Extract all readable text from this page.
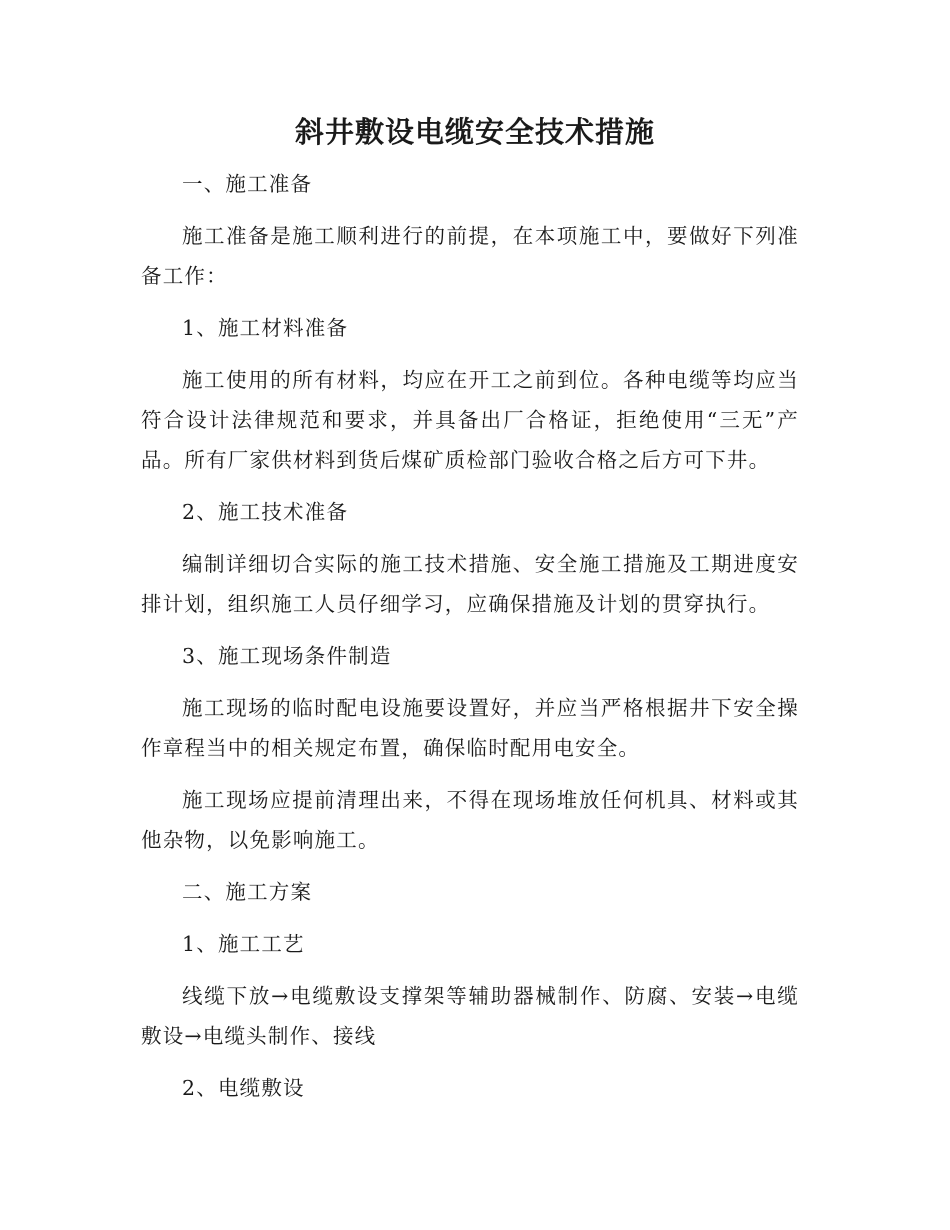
斜井敷设电缆安全技术措施

一、施工准备

施工准备是施工顺利进行的前提，在本项施工中，要做好下列准备工作：

1、施工材料准备

施工使用的所有材料，均应在开工之前到位。各种电缆等均应当符合设计法律规范和要求，并具备出厂合格证，拒绝使用“三无”产品。所有厂家供材料到货后煤矿质检部门验收合格之后方可下井。

2、施工技术准备

编制详细切合实际的施工技术措施、安全施工措施及工期进度安排计划，组织施工人员仔细学习，应确保措施及计划的贯穿执行。

3、施工现场条件制造

施工现场的临时配电设施要设置好，并应当严格根据井下安全操作章程当中的相关规定布置，确保临时配用电安全。

施工现场应提前清理出来，不得在现场堆放任何机具、材料或其他杂物，以免影响施工。

二、施工方案

1、施工工艺

线缆下放→电缆敷设支撑架等辅助器械制作、防腐、安装→电缆敷设→电缆头制作、接线

2、电缆敷设
